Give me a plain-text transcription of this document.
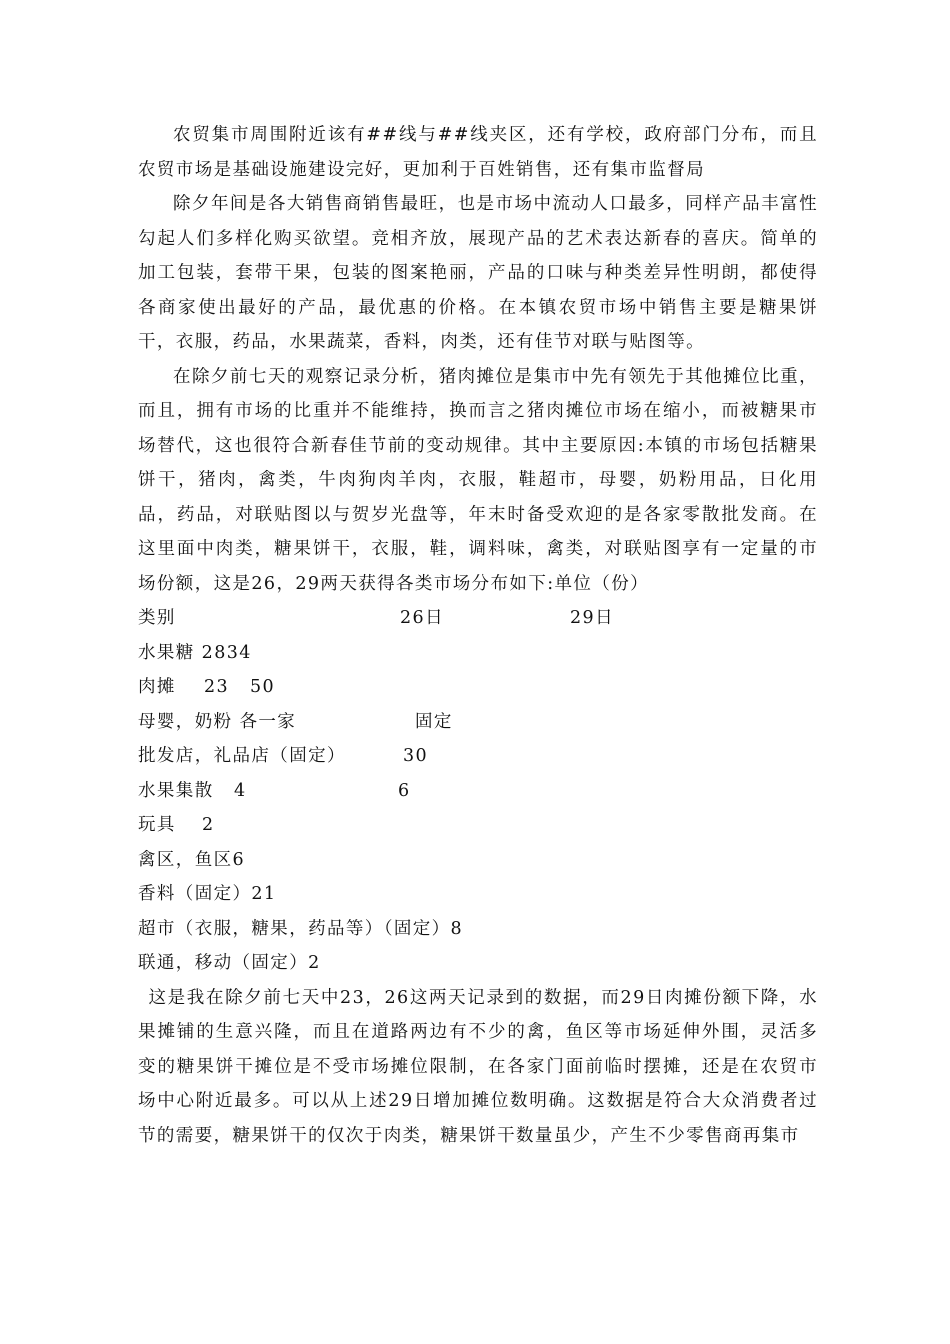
农贸集市周围附近该有##线与##线夹区，还有学校，政府部门分布，而且农贸市场是基础设施建设完好，更加利于百姓销售，还有集市监督局

除夕年间是各大销售商销售最旺，也是市场中流动人口最多，同样产品丰富性勾起人们多样化购买欲望。竞相齐放，展现产品的艺术表达新春的喜庆。简单的加工包装，套带干果，包装的图案艳丽，产品的口味与种类差异性明朗，都使得各商家使出最好的产品，最优惠的价格。在本镇农贸市场中销售主要是糖果饼干，衣服，药品，水果蔬菜，香料，肉类，还有佳节对联与贴图等。

在除夕前七天的观察记录分析，猪肉摊位是集市中先有领先于其他摊位比重，而且，拥有市场的比重并不能维持，换而言之猪肉摊位市场在缩小，而被糖果市场替代，这也很符合新春佳节前的变动规律。其中主要原因:本镇的市场包括糖果饼干，猪肉，禽类，牛肉狗肉羊肉，衣服，鞋超市，母婴，奶粉用品，日化用品，药品，对联贴图以与贺岁光盘等，年末时备受欢迎的是各家零散批发商。在这里面中肉类，糖果饼干，衣服，鞋，调料味，禽类，对联贴图享有一定量的市场份额，这是26，29两天获得各类市场分布如下:单位（份）

类别	26日	29日
水果糖 2834
肉摊 23 50
母婴，奶粉 各一家	固定
批发店，礼品店（固定）	30
水果集散 4	6
玩具 2
禽区，鱼区6
香料（固定）21
超市（衣服，糖果，药品等）（固定）8
联通，移动（固定）2

这是我在除夕前七天中23，26这两天记录到的数据，而29日肉摊份额下降，水果摊铺的生意兴隆，而且在道路两边有不少的禽，鱼区等市场延伸外围，灵活多变的糖果饼干摊位是不受市场摊位限制，在各家门面前临时摆摊，还是在农贸市场中心附近最多。可以从上述29日增加摊位数明确。这数据是符合大众消费者过节的需要，糖果饼干的仅次于肉类，糖果饼干数量虽少，产生不少零售商再集市
